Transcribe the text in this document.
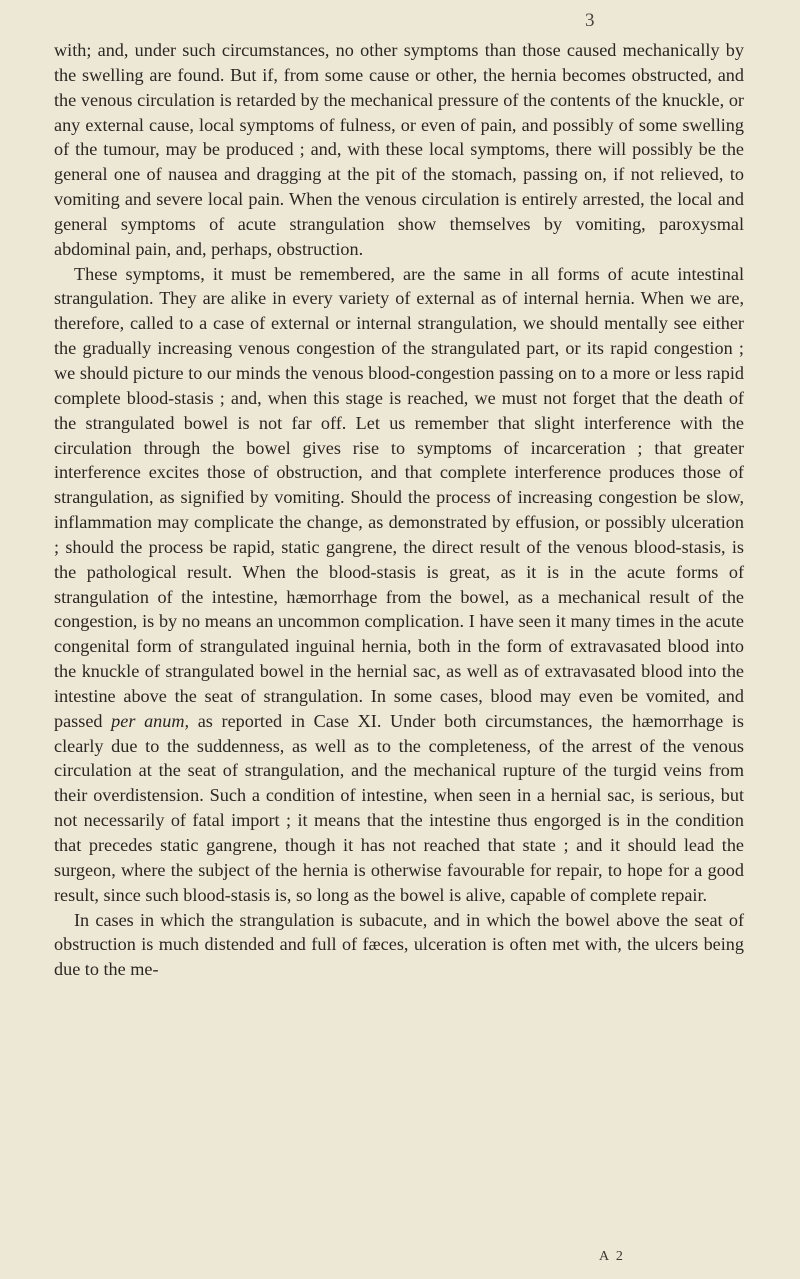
3

with; and, under such circumstances, no other symptoms than those caused mechanically by the swelling are found. But if, from some cause or other, the hernia becomes obstructed, and the venous circulation is retarded by the mechanical pressure of the contents of the knuckle, or any external cause, local symptoms of fulness, or even of pain, and possibly of some swelling of the tumour, may be produced ; and, with these local symptoms, there will possibly be the general one of nausea and dragging at the pit of the stomach, passing on, if not relieved, to vomiting and severe local pain. When the venous circulation is entirely arrested, the local and general symptoms of acute strangulation show themselves by vomiting, paroxysmal abdominal pain, and, perhaps, obstruction.

These symptoms, it must be remembered, are the same in all forms of acute intestinal strangulation. They are alike in every variety of external as of internal hernia. When we are, therefore, called to a case of external or internal strangulation, we should mentally see either the gradually increasing venous congestion of the strangulated part, or its rapid congestion ; we should picture to our minds the venous blood-congestion passing on to a more or less rapid complete blood-stasis ; and, when this stage is reached, we must not forget that the death of the strangulated bowel is not far off. Let us remember that slight interference with the circulation through the bowel gives rise to symptoms of incarceration ; that greater interference excites those of obstruction, and that complete interference produces those of strangulation, as signified by vomiting. Should the process of increasing congestion be slow, inflammation may complicate the change, as demonstrated by effusion, or possibly ulceration ; should the process be rapid, static gangrene, the direct result of the venous blood-stasis, is the pathological result. When the blood-stasis is great, as it is in the acute forms of strangulation of the intestine, hæmorrhage from the bowel, as a mechanical result of the congestion, is by no means an uncommon complication. I have seen it many times in the acute congenital form of strangulated inguinal hernia, both in the form of extravasated blood into the knuckle of strangulated bowel in the hernial sac, as well as of extravasated blood into the intestine above the seat of strangulation. In some cases, blood may even be vomited, and passed per anum, as reported in Case XI. Under both circumstances, the hæmorrhage is clearly due to the suddenness, as well as to the completeness, of the arrest of the venous circulation at the seat of strangulation, and the mechanical rupture of the turgid veins from their overdistension. Such a condition of intestine, when seen in a hernial sac, is serious, but not necessarily of fatal import ; it means that the intestine thus engorged is in the condition that precedes static gangrene, though it has not reached that state ; and it should lead the surgeon, where the subject of the hernia is otherwise favourable for repair, to hope for a good result, since such blood-stasis is, so long as the bowel is alive, capable of complete repair.

In cases in which the strangulation is subacute, and in which the bowel above the seat of obstruction is much distended and full of fæces, ulceration is often met with, the ulcers being due to the me-

A 2
